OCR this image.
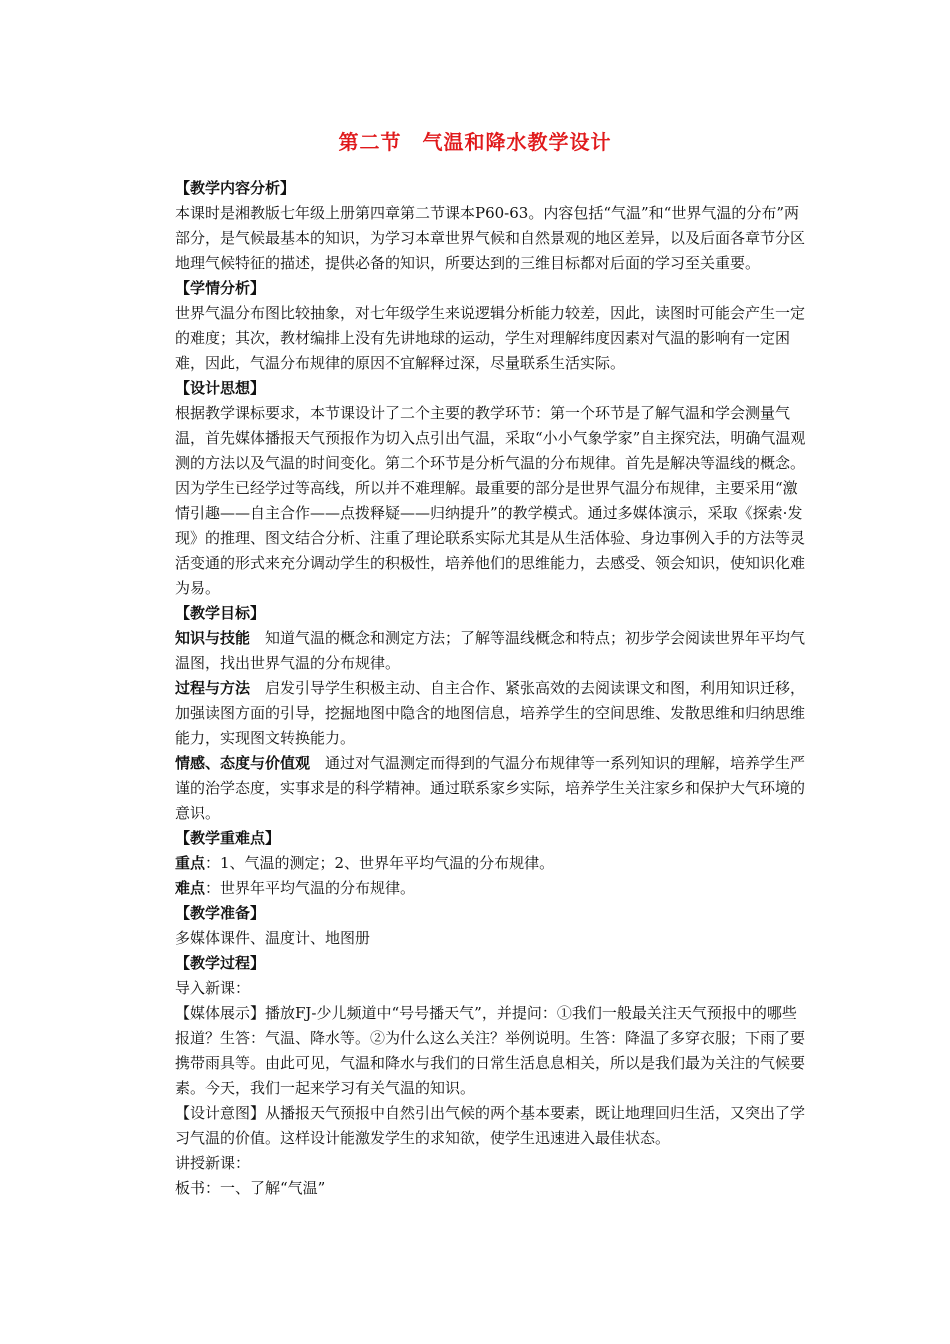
第二节　气温和降水教学设计
【教学内容分析】
本课时是湘教版七年级上册第四章第二节课本P60-63。内容包括“气温”和“世界气温的分布”两部分，是气候最基本的知识，为学习本章世界气候和自然景观的地区差异，以及后面各章节分区地理气候特征的描述，提供必备的知识，所要达到的三维目标都对后面的学习至关重要。
【学情分析】
世界气温分布图比较抽象，对七年级学生来说逻辑分析能力较差，因此，读图时可能会产生一定的难度；其次，教材编排上没有先讲地球的运动，学生对理解纬度因素对气温的影响有一定困难，因此，气温分布规律的原因不宜解释过深，尽量联系生活实际。
【设计思想】
根据教学课标要求，本节课设计了二个主要的教学环节：第一个环节是了解气温和学会测量气温，首先媒体播报天气预报作为切入点引出气温，采取“小小气象学家”自主探究法，明确气温观测的方法以及气温的时间变化。第二个环节是分析气温的分布规律。首先是解决等温线的概念。因为学生已经学过等高线，所以并不难理解。最重要的部分是世界气温分布规律，主要采用“激情引趣——自主合作——点拨释疑——归纳提升”的教学模式。通过多媒体演示，采取《探索·发现》的推理、图文结合分析、注重了理论联系实际尤其是从生活体验、身边事例入手的方法等灵活变通的形式来充分调动学生的积极性，培养他们的思维能力，去感受、领会知识，使知识化难为易。
【教学目标】
知识与技能　知道气温的概念和测定方法；了解等温线概念和特点；初步学会阅读世界年平均气温图，找出世界气温的分布规律。
过程与方法　启发引导学生积极主动、自主合作、紧张高效的去阅读课文和图，利用知识迁移，加强读图方面的引导，挖掘地图中隐含的地图信息，培养学生的空间思维、发散思维和归纳思维能力，实现图文转换能力。
情感、态度与价值观　通过对气温测定而得到的气温分布规律等一系列知识的理解，培养学生严谨的治学态度，实事求是的科学精神。通过联系家乡实际，培养学生关注家乡和保护大气环境的意识。
【教学重难点】
重点：1、气温的测定；2、世界年平均气温的分布规律。
难点：世界年平均气温的分布规律。
【教学准备】
多媒体课件、温度计、地图册
【教学过程】
导入新课：
【媒体展示】播放FJ-少儿频道中“号号播天气”，并提问：①我们一般最关注天气预报中的哪些报道？生答：气温、降水等。②为什么这么关注？举例说明。生答：降温了多穿衣服；下雨了要携带雨具等。由此可见，气温和降水与我们的日常生活息息相关，所以是我们最为关注的气候要素。今天，我们一起来学习有关气温的知识。
【设计意图】从播报天气预报中自然引出气候的两个基本要素，既让地理回归生活，又突出了学习气温的价值。这样设计能激发学生的求知欲，使学生迅速进入最佳状态。
讲授新课：
板书：一、了解“气温”
